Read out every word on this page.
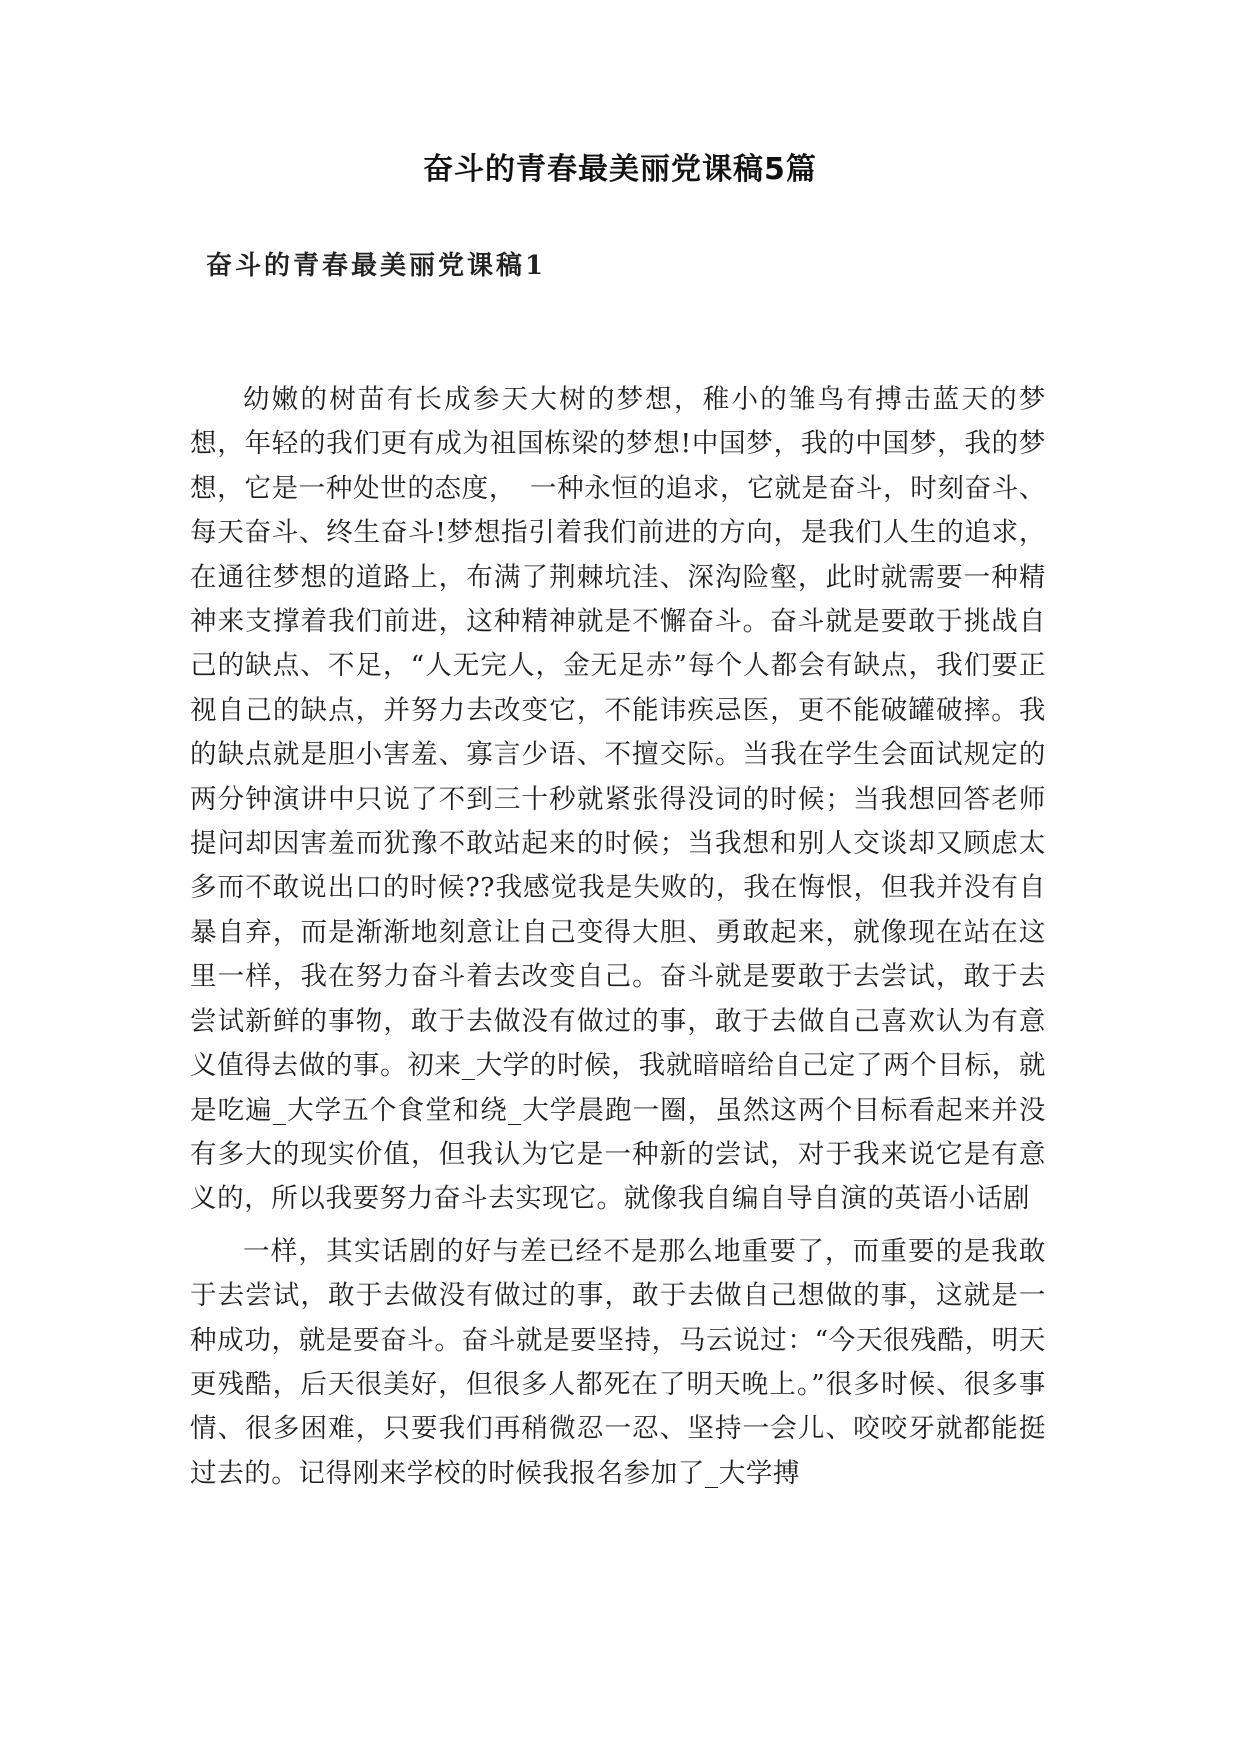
奋斗的青春最美丽党课稿5篇
奋斗的青春最美丽党课稿1

幼嫩的树苗有长成参天大树的梦想，稚小的雏鸟有搏击蓝天的梦想，年轻的我们更有成为祖国栋梁的梦想!中国梦，我的中国梦，我的梦想，它是一种处世的态度，　一种永恒的追求，它就是奋斗，时刻奋斗、每天奋斗、终生奋斗!梦想指引着我们前进的方向，是我们人生的追求，在通往梦想的道路上，布满了荆棘坑洼、深沟险壑，此时就需要一种精神来支撑着我们前进，这种精神就是不懈奋斗。奋斗就是要敢于挑战自己的缺点、不足，“人无完人，金无足赤”每个人都会有缺点，我们要正视自己的缺点，并努力去改变它，不能讳疾忌医，更不能破罐破摔。我的缺点就是胆小害羞、寡言少语、不擅交际。当我在学生会面试规定的两分钟演讲中只说了不到三十秒就紧张得没词的时候；当我想回答老师提问却因害羞而犹豫不敢站起来的时候；当我想和别人交谈却又顾虑太多而不敢说出口的时候??我感觉我是失败的，我在悔恨，但我并没有自暴自弃，而是渐渐地刻意让自己变得大胆、勇敢起来，就像现在站在这里一样，我在努力奋斗着去改变自己。奋斗就是要敢于去尝试，敢于去尝试新鲜的事物，敢于去做没有做过的事，敢于去做自己喜欢认为有意义值得去做的事。初来_大学的时候，我就暗暗给自己定了两个目标，就是吃遍_大学五个食堂和绕_大学晨跑一圈，虽然这两个目标看起来并没有多大的现实价值，但我认为它是一种新的尝试，对于我来说它是有意义的，所以我要努力奋斗去实现它。就像我自编自导自演的英语小话剧

一样，其实话剧的好与差已经不是那么地重要了，而重要的是我敢于去尝试，敢于去做没有做过的事，敢于去做自己想做的事，这就是一种成功，就是要奋斗。奋斗就是要坚持，马云说过：“今天很残酷，明天更残酷，后天很美好，但很多人都死在了明天晚上。”很多时候、很多事情、很多困难，只要我们再稍微忍一忍、坚持一会儿、咬咬牙就都能挺过去的。记得刚来学校的时候我报名参加了_大学搏
